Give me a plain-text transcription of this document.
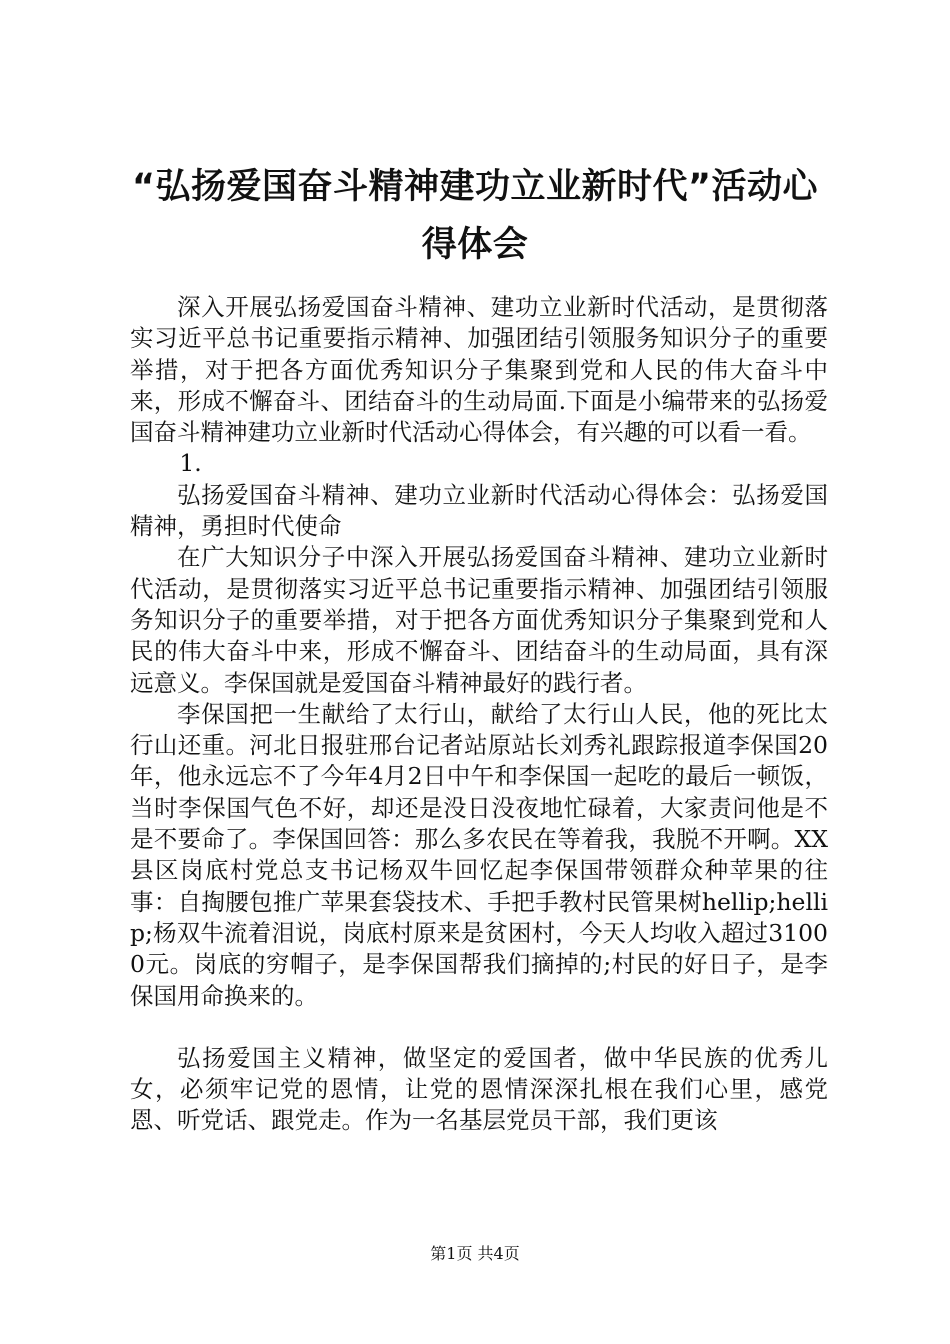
“弘扬爱国奋斗精神建功立业新时代”活动心得体会

深入开展弘扬爱国奋斗精神、建功立业新时代活动，是贯彻落实习近平总书记重要指示精神、加强团结引领服务知识分子的重要举措，对于把各方面优秀知识分子集聚到党和人民的伟大奋斗中来，形成不懈奋斗、团结奋斗的生动局面.下面是小编带来的弘扬爱国奋斗精神建功立业新时代活动心得体会，有兴趣的可以看一看。

1.

弘扬爱国奋斗精神、建功立业新时代活动心得体会：弘扬爱国精神，勇担时代使命

在广大知识分子中深入开展弘扬爱国奋斗精神、建功立业新时代活动，是贯彻落实习近平总书记重要指示精神、加强团结引领服务知识分子的重要举措，对于把各方面优秀知识分子集聚到党和人民的伟大奋斗中来，形成不懈奋斗、团结奋斗的生动局面，具有深远意义。李保国就是爱国奋斗精神最好的践行者。

李保国把一生献给了太行山，献给了太行山人民，他的死比太行山还重。河北日报驻邢台记者站原站长刘秀礼跟踪报道李保国20年，他永远忘不了今年4月2日中午和李保国一起吃的最后一顿饭，当时李保国气色不好，却还是没日没夜地忙碌着，大家责问他是不是不要命了。李保国回答：那么多农民在等着我，我脱不开啊。XX县区岗底村党总支书记杨双牛回忆起李保国带领群众种苹果的往事：自掏腰包推广苹果套袋技术、手把手教村民管果树hellip;hellip;杨双牛流着泪说，岗底村原来是贫困村，今天人均收入超过31000元。岗底的穷帽子，是李保国帮我们摘掉的;村民的好日子，是李保国用命换来的。

弘扬爱国主义精神，做坚定的爱国者，做中华民族的优秀儿女，必须牢记党的恩情，让党的恩情深深扎根在我们心里，感党恩、听党话、跟党走。作为一名基层党员干部，我们更该

第1页 共4页
